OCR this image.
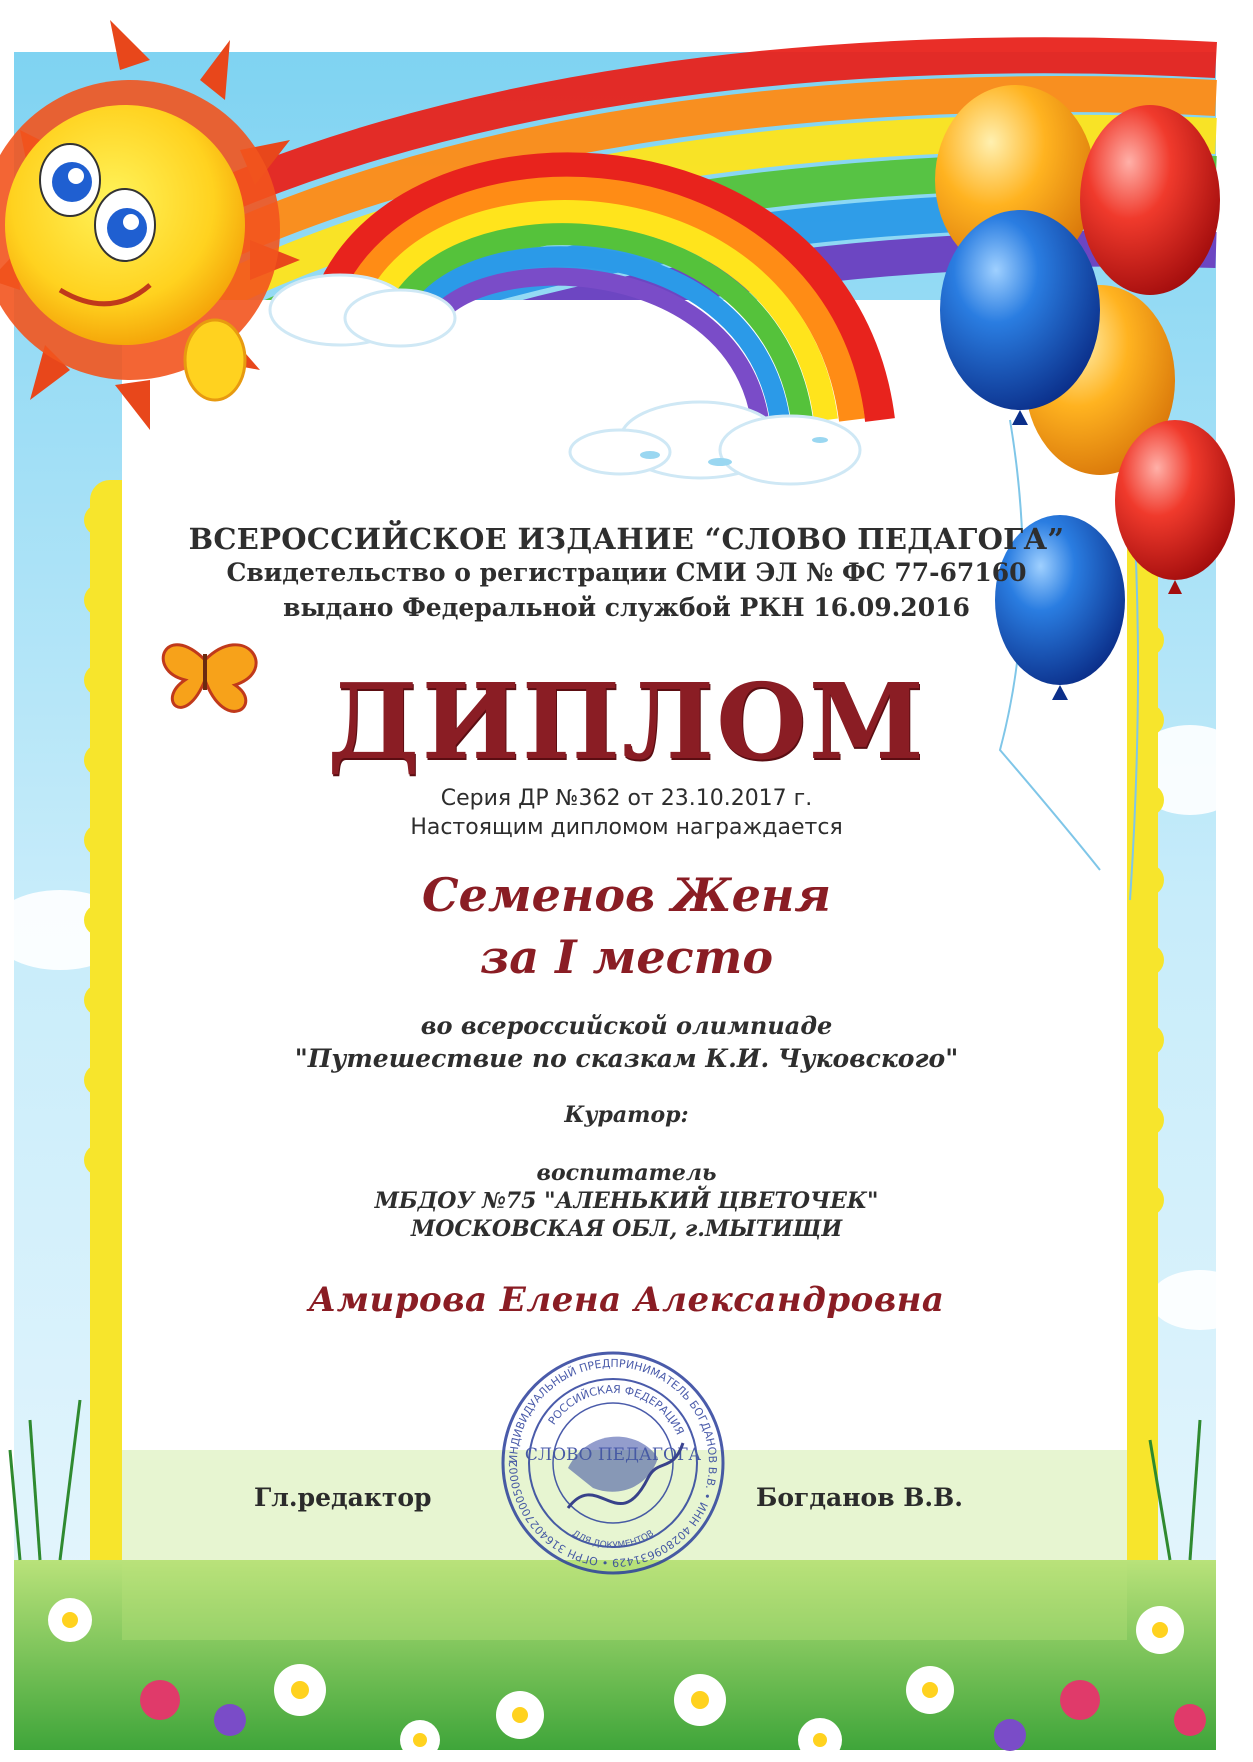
ВСЕРОССИЙСКОЕ ИЗДАНИЕ “СЛОВО ПЕДАГОГА”

Свидетельство о регистрации СМИ ЭЛ № ФС 77-67160

выдано Федеральной службой РКН 16.09.2016

ДИПЛОМ

Серия ДР №362 от 23.10.2017 г.

Настоящим дипломом награждается

Семенов Женя

за I место

во всероссийской олимпиаде

"Путешествие по сказкам К.И. Чуковского"

Куратор:

воспитатель

МБДОУ №75 "АЛЕНЬКИЙ ЦВЕТОЧЕК"

МОСКОВСКАЯ ОБЛ, г.МЫТИЩИ

Амирова Елена Александровна

Гл.редактор	Богданов В.В.

ИНДИВИДУАЛЬНЫЙ ПРЕДПРИНИМАТЕЛЬ БОГДАНОВ В.В. • ИНН 402809631429 • ОГРН 316402700050002
РОССИЙСКАЯ ФЕДЕРАЦИЯ
СЛОВО ПЕДАГОГА
ДЛЯ ДОКУМЕНТОВ
